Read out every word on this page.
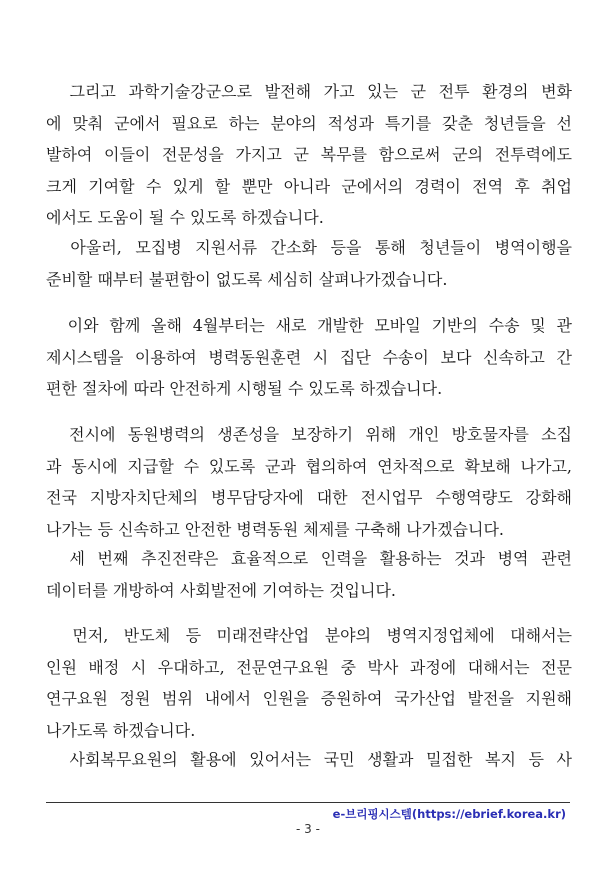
　그리고 과학기술강군으로 발전해 가고 있는 군 전투 환경의 변화
에 맞춰 군에서 필요로 하는 분야의 적성과 특기를 갖춘 청년들을 선
발하여 이들이 전문성을 가지고 군 복무를 함으로써 군의 전투력에도
크게 기여할 수 있게 할 뿐만 아니라 군에서의 경력이 전역 후 취업
에서도 도움이 될 수 있도록 하겠습니다.

　아울러, 모집병 지원서류 간소화 등을 통해 청년들이 병역이행을
준비할 때부터 불편함이 없도록 세심히 살펴나가겠습니다.

　이와 함께 올해 4월부터는 새로 개발한 모바일 기반의 수송 및 관
제시스템을 이용하여 병력동원훈련 시 집단 수송이 보다 신속하고 간
편한 절차에 따라 안전하게 시행될 수 있도록 하겠습니다.

　전시에 동원병력의 생존성을 보장하기 위해 개인 방호물자를 소집
과 동시에 지급할 수 있도록 군과 협의하여 연차적으로 확보해 나가고,
전국 지방자치단체의 병무담당자에 대한 전시업무 수행역량도 강화해
나가는 등 신속하고 안전한 병력동원 체제를 구축해 나가겠습니다.

　세 번째 추진전략은 효율적으로 인력을 활용하는 것과 병역 관련
데이터를 개방하여 사회발전에 기여하는 것입니다.

　먼저, 반도체 등 미래전략산업 분야의 병역지정업체에 대해서는
인원 배정 시 우대하고, 전문연구요원 중 박사 과정에 대해서는 전문
연구요원 정원 범위 내에서 인원을 증원하여 국가산업 발전을 지원해
나가도록 하겠습니다.

　사회복무요원의 활용에 있어서는 국민 생활과 밀접한 복지 등 사

e-브리핑시스템(https://ebrief.korea.kr)
- 3 -
